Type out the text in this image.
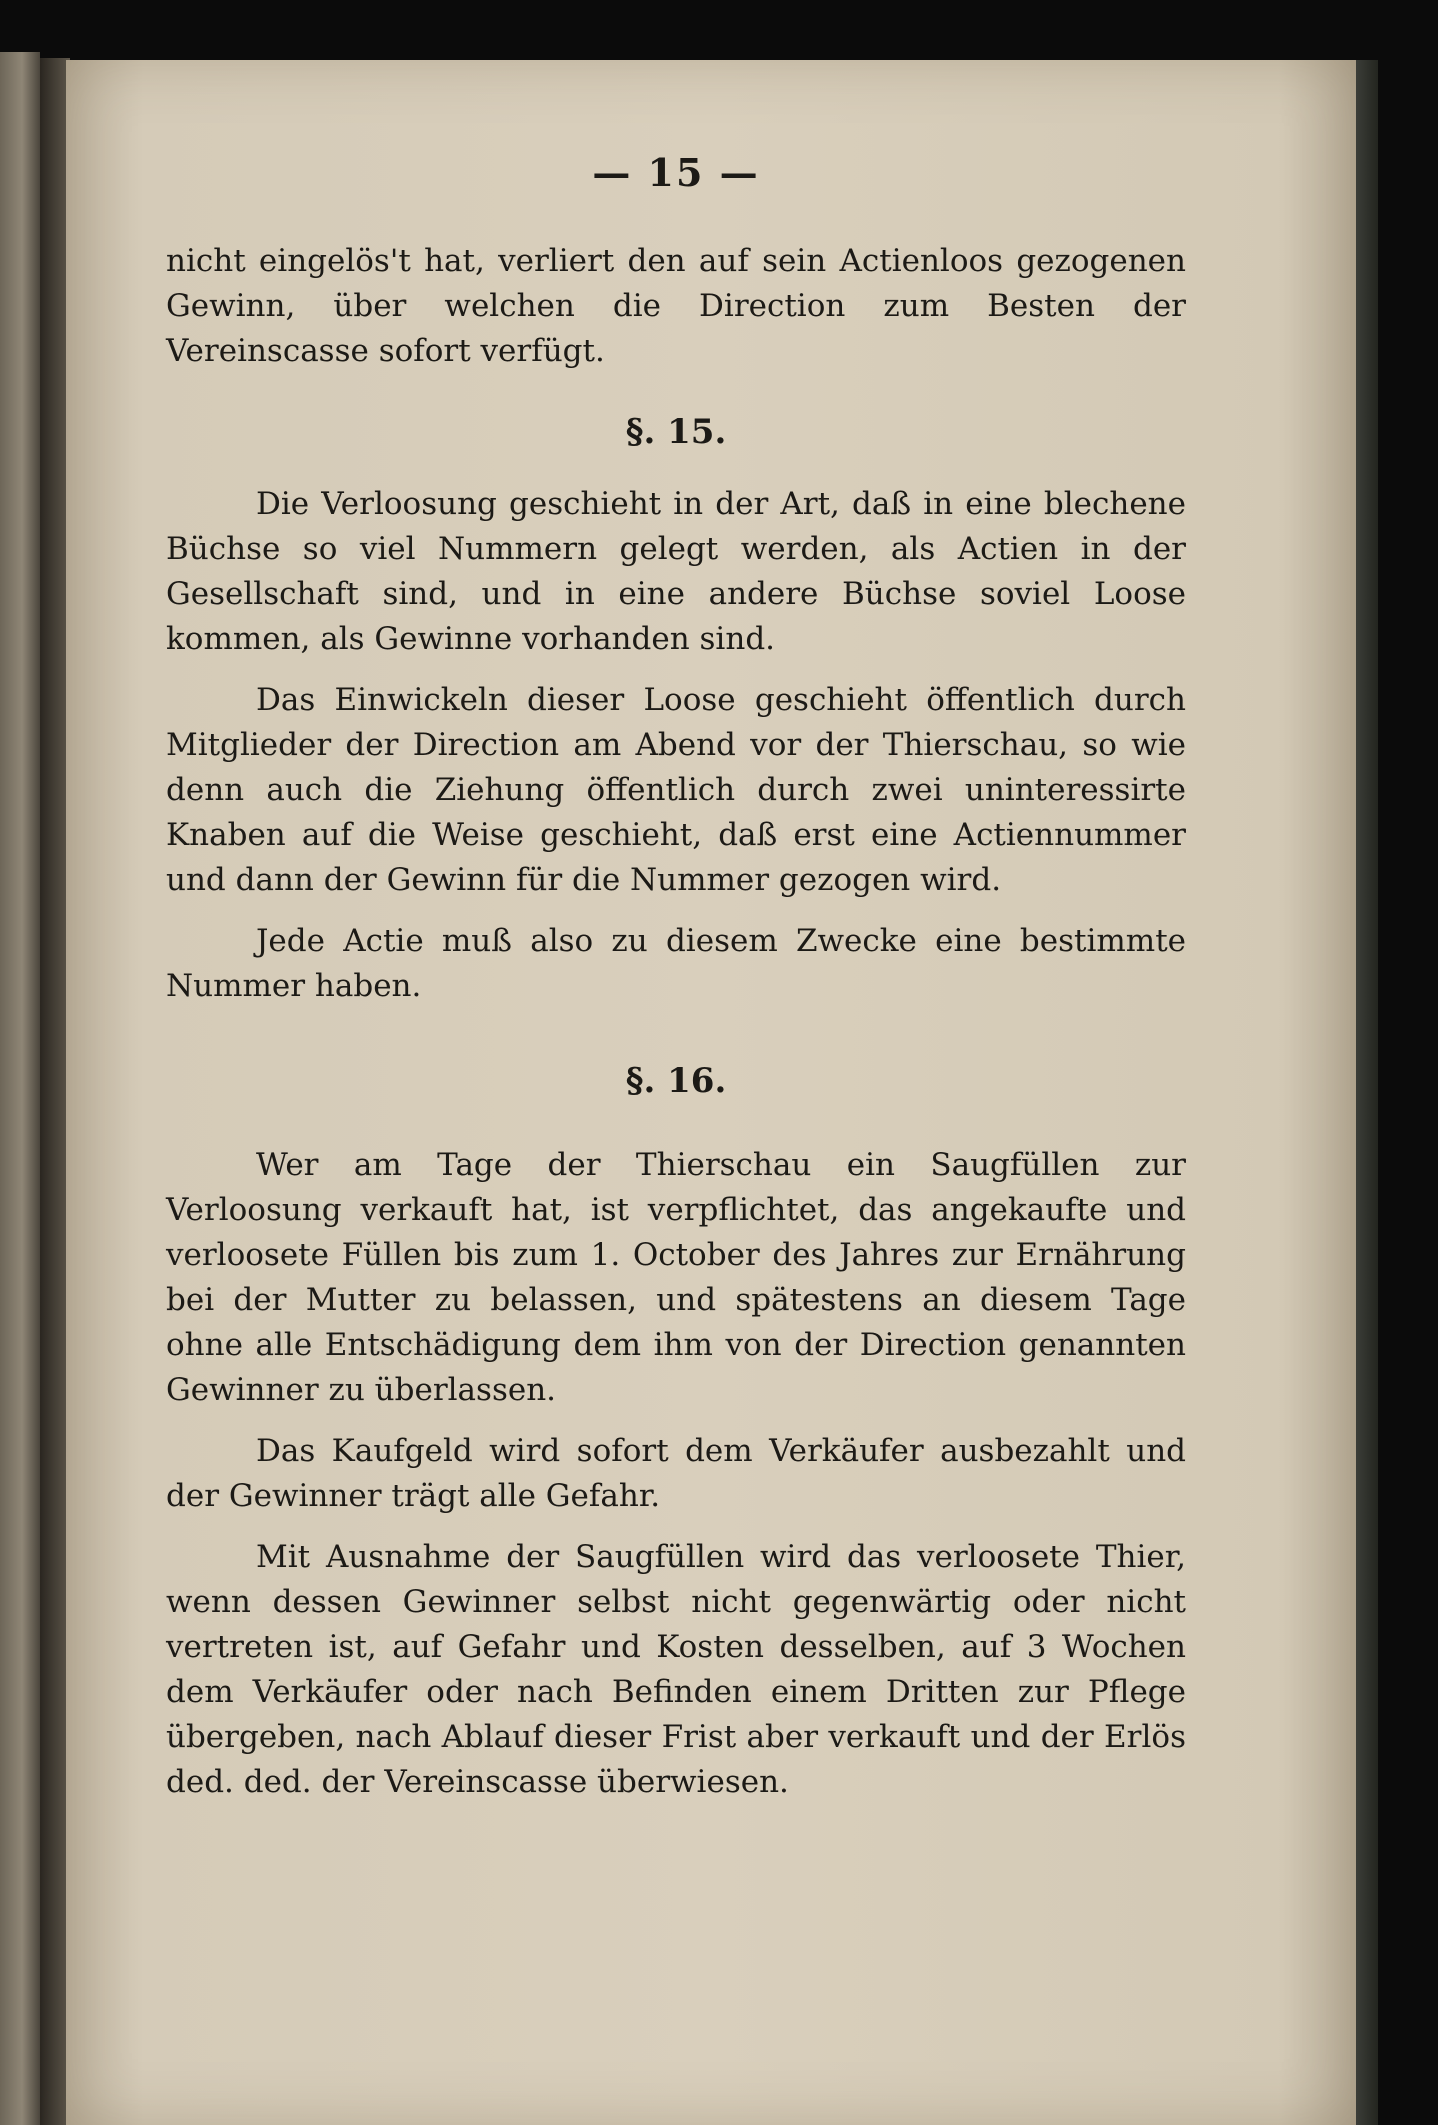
— 15 —

nicht eingelös't hat, verliert den auf sein Actienloos gezogenen Gewinn, über welchen die Direction zum Besten der Vereinscasse sofort verfügt.

§. 15.

Die Verloosung geschieht in der Art, daß in eine blechene Büchse so viel Nummern gelegt werden, als Actien in der Gesellschaft sind, und in eine andere Büchse soviel Loose kommen, als Gewinne vorhanden sind.

Das Einwickeln dieser Loose geschieht öffentlich durch Mitglieder der Direction am Abend vor der Thierschau, so wie denn auch die Ziehung öffentlich durch zwei uninteressirte Knaben auf die Weise geschieht, daß erst eine Actiennummer und dann der Gewinn für die Nummer gezogen wird.

Jede Actie muß also zu diesem Zwecke eine bestimmte Nummer haben.

§. 16.

Wer am Tage der Thierschau ein Saugfüllen zur Verloosung verkauft hat, ist verpflichtet, das angekaufte und verloosete Füllen bis zum 1. October des Jahres zur Ernährung bei der Mutter zu belassen, und spätestens an diesem Tage ohne alle Entschädigung dem ihm von der Direction genannten Gewinner zu überlassen.

Das Kaufgeld wird sofort dem Verkäufer ausbezahlt und der Gewinner trägt alle Gefahr.

Mit Ausnahme der Saugfüllen wird das verloosete Thier, wenn dessen Gewinner selbst nicht gegenwärtig oder nicht vertreten ist, auf Gefahr und Kosten desselben, auf 3 Wochen dem Verkäufer oder nach Befinden einem Dritten zur Pflege übergeben, nach Ablauf dieser Frist aber verkauft und der Erlös ded. ded. der Vereinscasse überwiesen.
